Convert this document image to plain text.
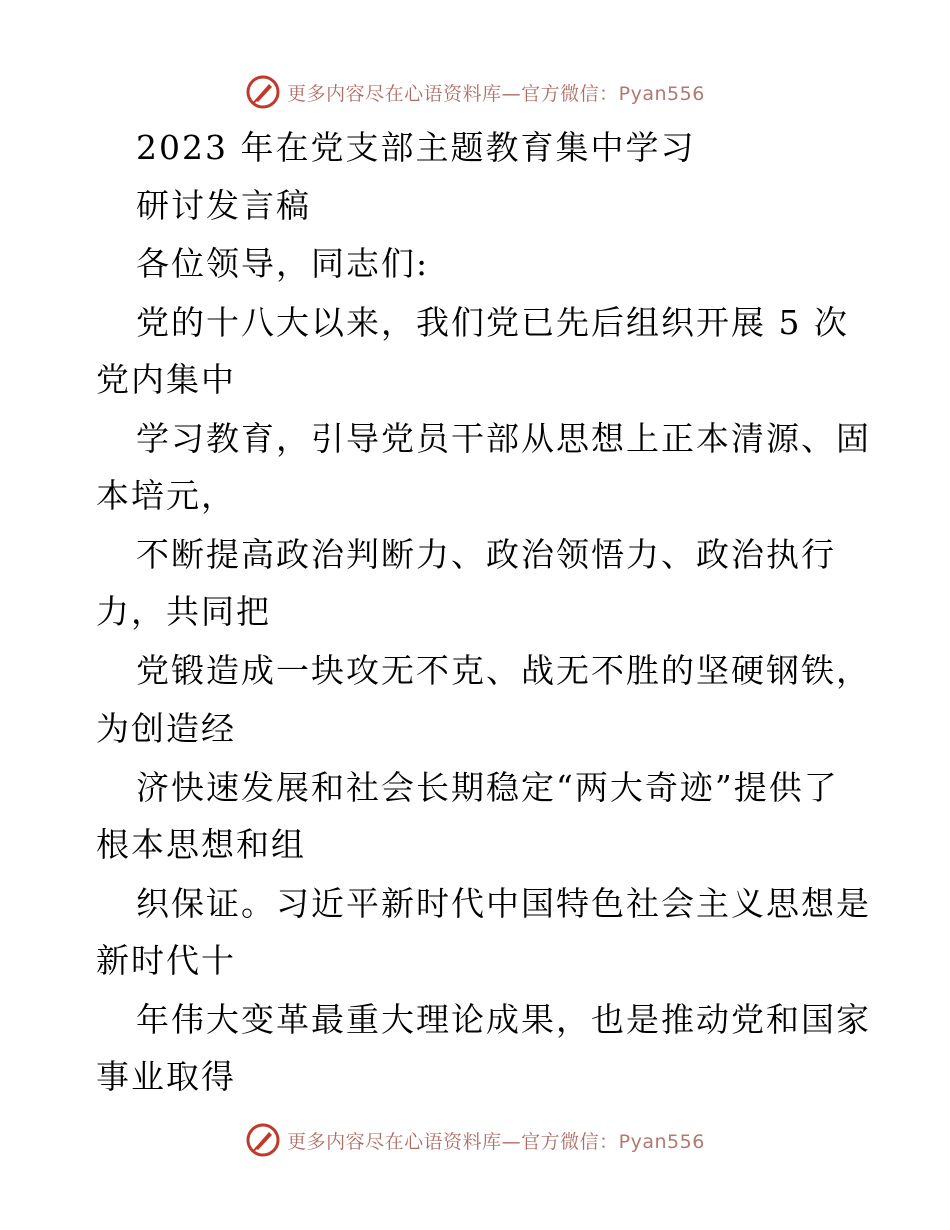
更多内容尽在心语资料库—官方微信：Pyan556
2023 年在党支部主题教育集中学习
研讨发言稿
各位领导，同志们:
党的十八大以来，我们党已先后组织开展 5 次
党内集中
学习教育，引导党员干部从思想上正本清源、固
本培元，
不断提高政治判断力、政治领悟力、政治执行
力，共同把
党锻造成一块攻无不克、战无不胜的坚硬钢铁，
为创造经
济快速发展和社会长期稳定“两大奇迹”提供了
根本思想和组
织保证。习近平新时代中国特色社会主义思想是
新时代十
年伟大变革最重大理论成果，也是推动党和国家
事业取得
更多内容尽在心语资料库—官方微信：Pyan556
